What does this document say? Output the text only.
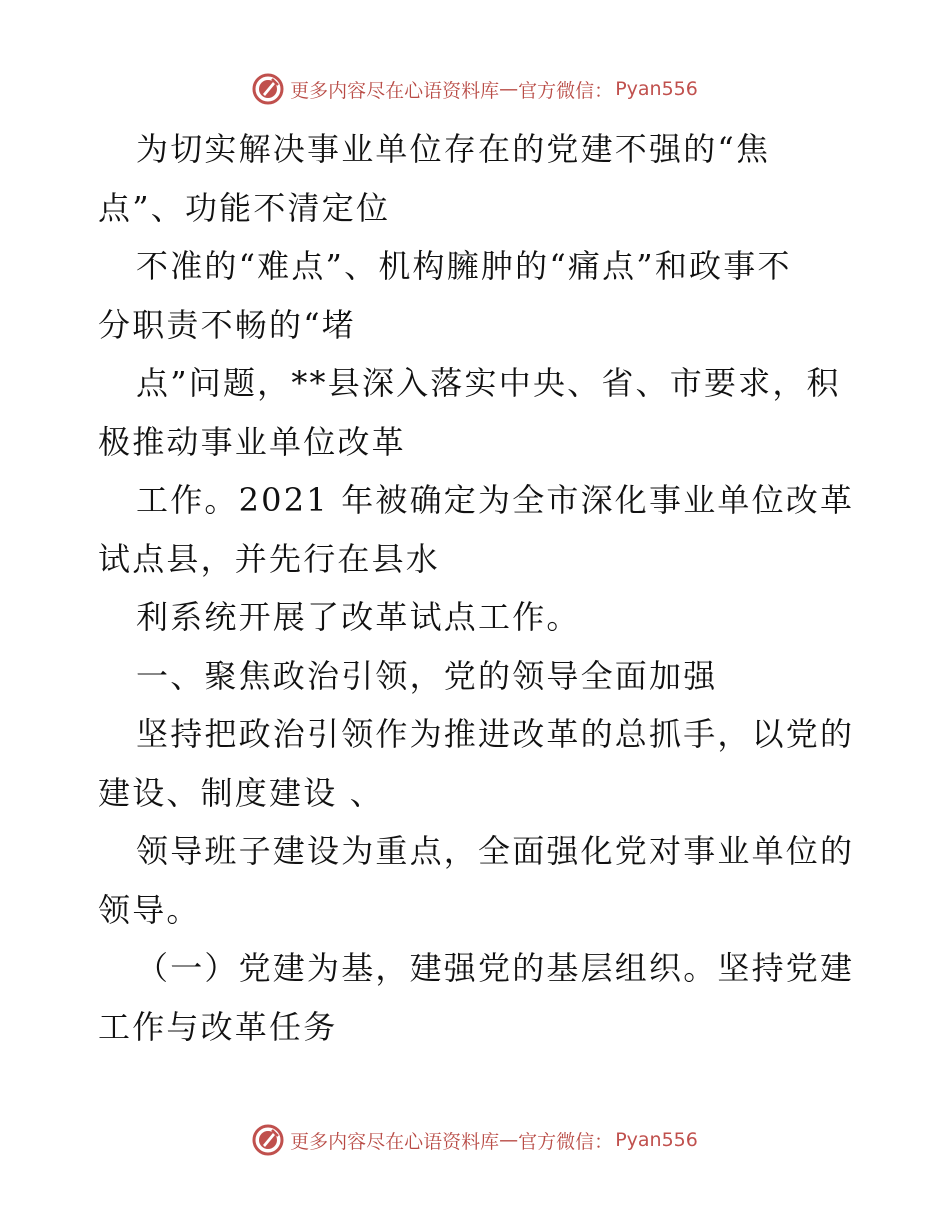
更多内容尽在心语资料库 — 官方微信： Pyan556

为切实解决事业单位存在的党建不强的“焦
点”、功能不清定位

不准的“难点”、机构臃肿的“痛点”和政事不
分职责不畅的“堵

点”问题，**县深入落实中央、省、市要求，积
极推动事业单位改革

工作。2021 年被确定为全市深化事业单位改革
试点县，并先行在县水

利系统开展了改革试点工作。

一、聚焦政治引领，党的领导全面加强

坚持把政治引领作为推进改革的总抓手，以党的
建设、制度建设 、

领导班子建设为重点，全面强化党对事业单位的
领导。

（一）党建为基，建强党的基层组织。坚持党建
工作与改革任务

更多内容尽在心语资料库 — 官方微信： Pyan556
